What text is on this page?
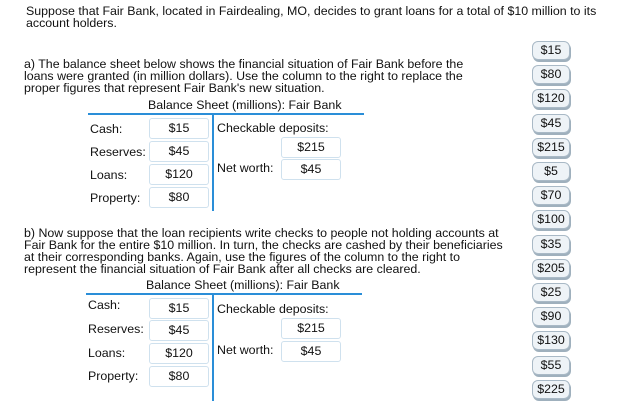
Suppose that Fair Bank, located in Fairdealing, MO, decides to grant loans for a total of $10 million to its account holders.
a) The balance sheet below shows the financial situation of Fair Bank before the loans were granted (in million dollars). Use the column to the right to replace the proper figures that represent Fair Bank's new situation.
Balance Sheet (millions): Fair Bank
Cash:	$15
Reserves:	$45
Loans:	$120
Property:	$80
Checkable deposits:
$215
Net worth:	$45
b) Now suppose that the loan recipients write checks to people not holding accounts at Fair Bank for the entire $10 million. In turn, the checks are cashed by their beneficiaries at their corresponding banks. Again, use the figures of the column to the right to represent the financial situation of Fair Bank after all checks are cleared.
Balance Sheet (millions): Fair Bank
Cash:	$15
Reserves:	$45
Loans:	$120
Property:	$80
Checkable deposits:
$215
Net worth:	$45
$15
$80
$120
$45
$215
$5
$70
$100
$35
$205
$25
$90
$130
$55
$225
